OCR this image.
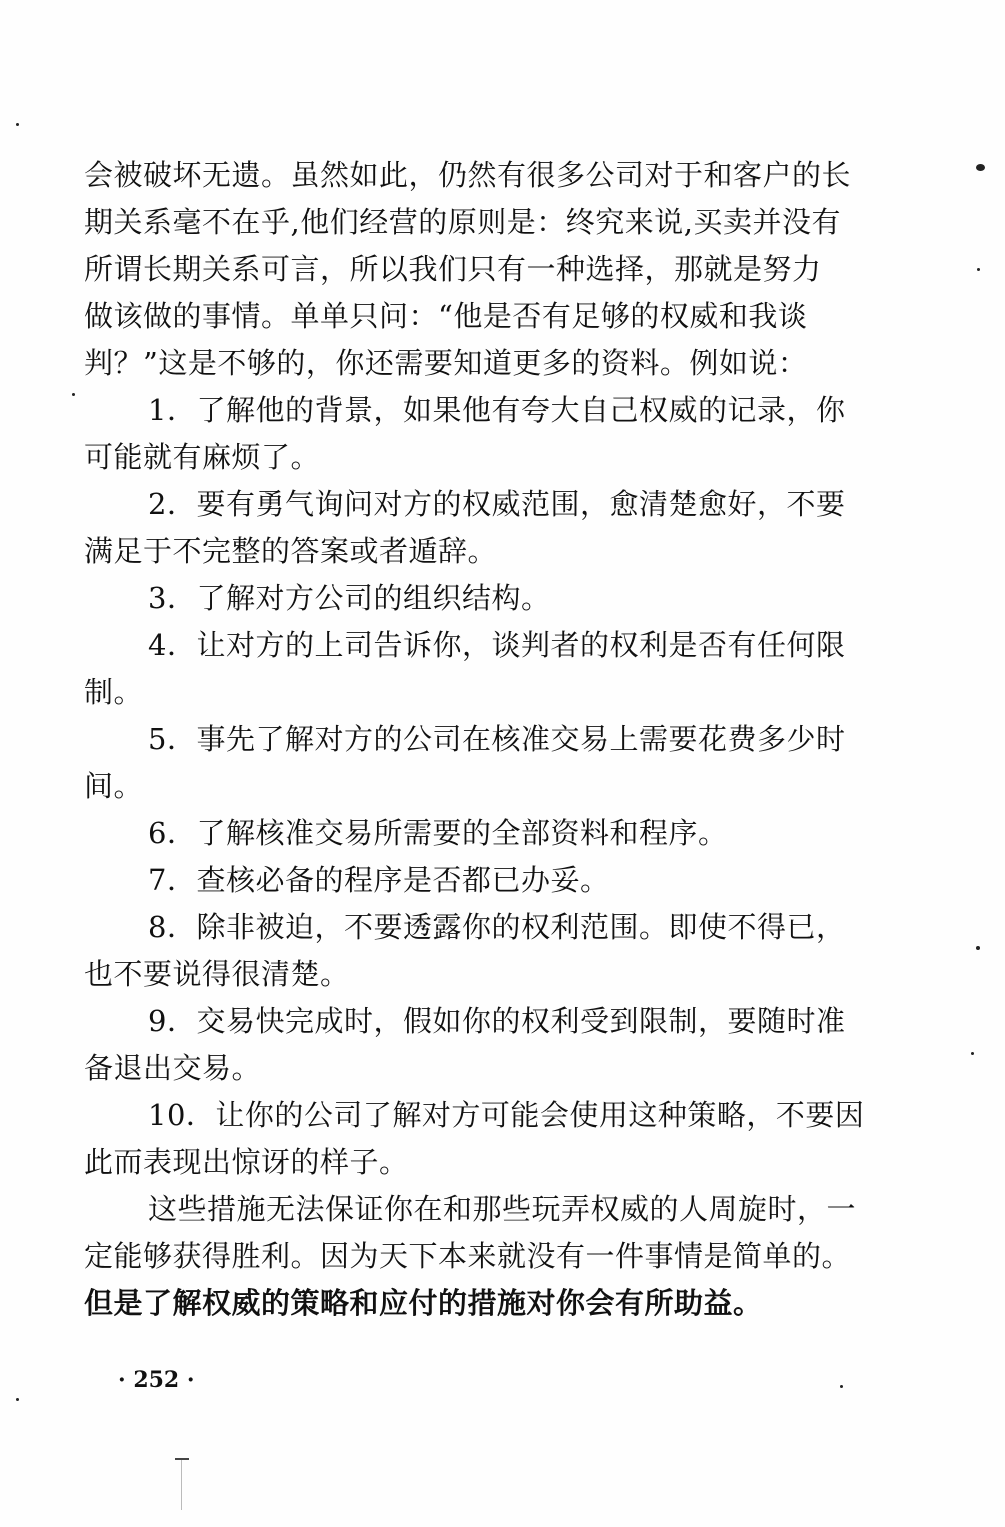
会被破坏无遗。虽然如此，仍然有很多公司对于和客户的长
期关系毫不在乎,他们经营的原则是：终究来说,买卖并没有
所谓长期关系可言，所以我们只有一种选择，那就是努力
做该做的事情。单单只问：“他是否有足够的权威和我谈
判？”这是不够的，你还需要知道更多的资料。例如说：
1．了解他的背景，如果他有夸大自己权威的记录，你
可能就有麻烦了。
2．要有勇气询问对方的权威范围，愈清楚愈好，不要
满足于不完整的答案或者遁辞。
3．了解对方公司的组织结构。
4．让对方的上司告诉你，谈判者的权利是否有任何限
制。
5．事先了解对方的公司在核准交易上需要花费多少时
间。
6．了解核准交易所需要的全部资料和程序。
7．查核必备的程序是否都已办妥。
8．除非被迫，不要透露你的权利范围。即使不得已，
也不要说得很清楚。
9．交易快完成时，假如你的权利受到限制，要随时准
备退出交易。
10．让你的公司了解对方可能会使用这种策略，不要因
此而表现出惊讶的样子。
这些措施无法保证你在和那些玩弄权威的人周旋时，一
定能够获得胜利。因为天下本来就没有一件事情是简单的。
但是了解权威的策略和应付的措施对你会有所助益。
· 252 ·
